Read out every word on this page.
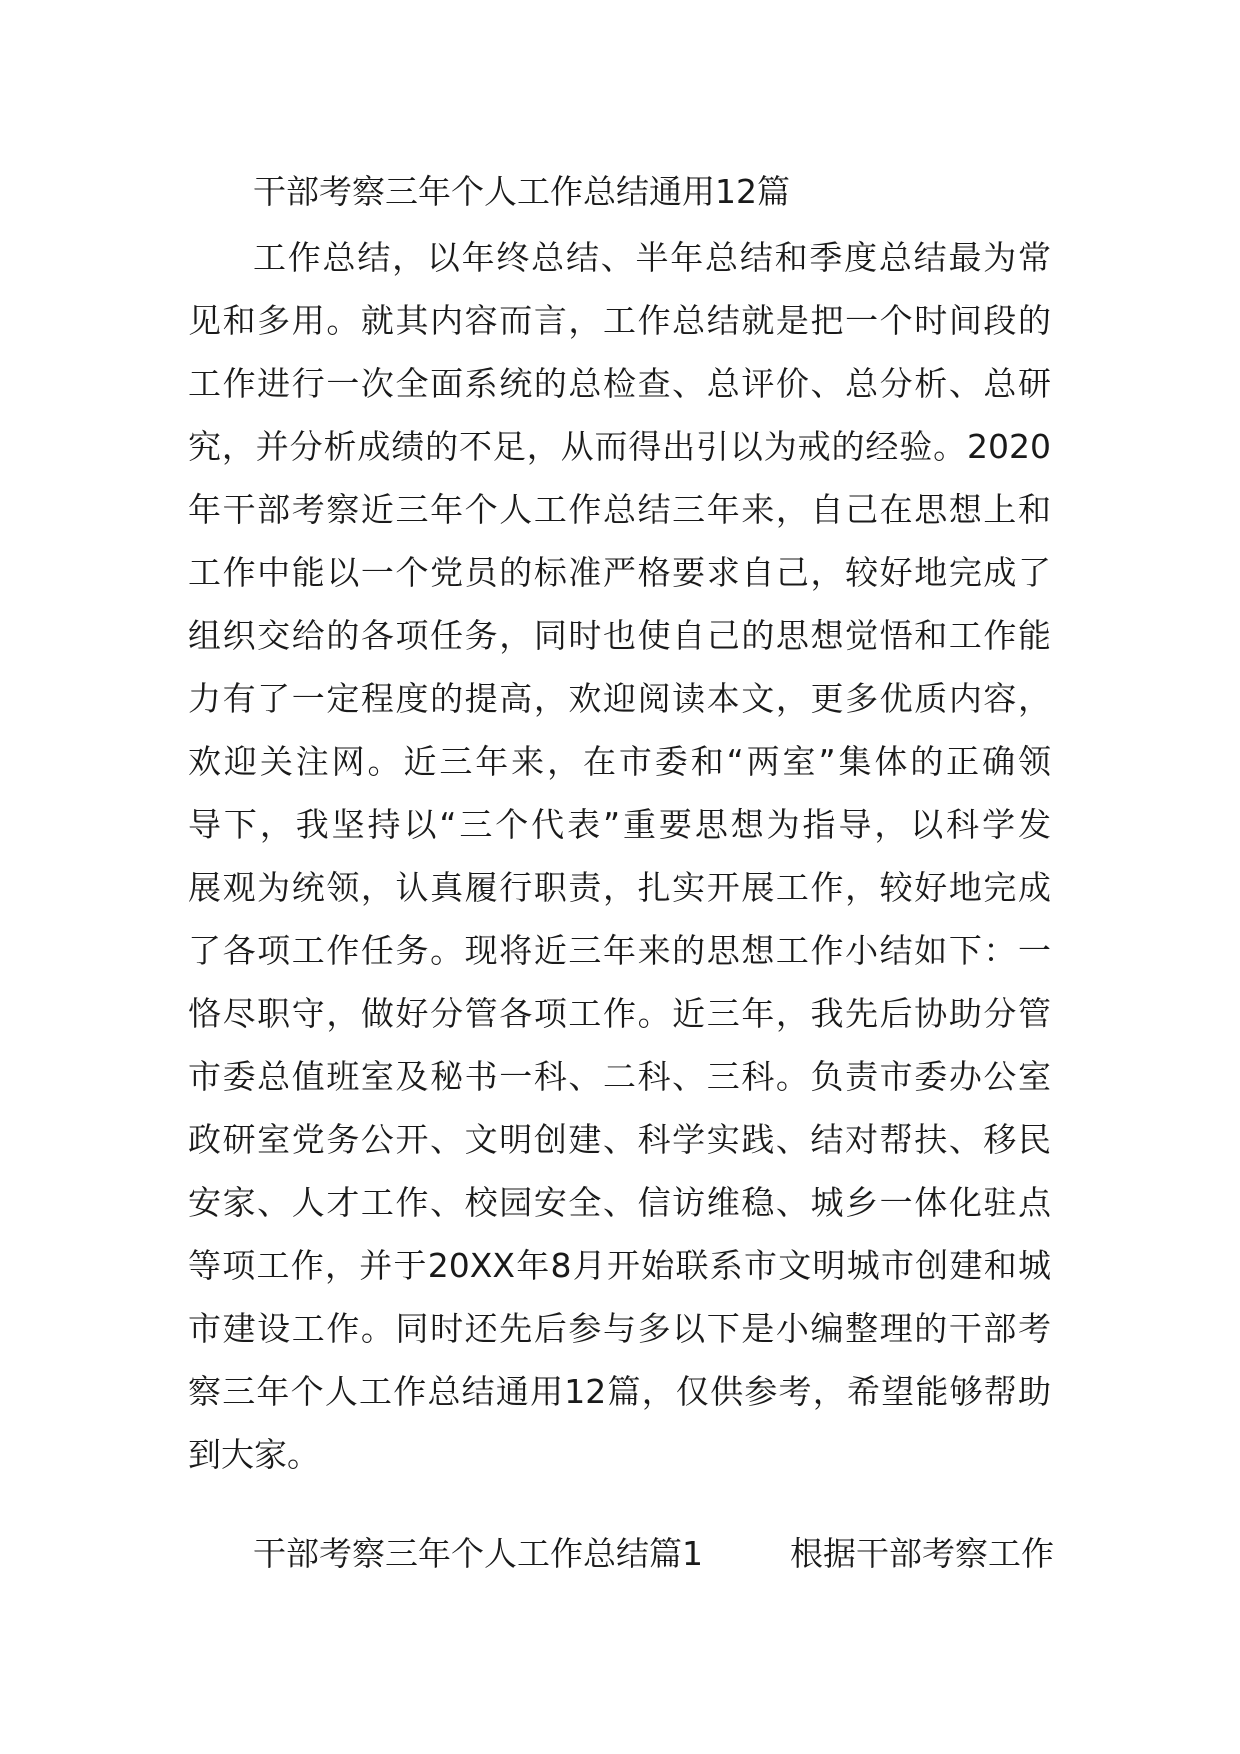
干部考察三年个人工作总结通用12篇
工作总结，以年终总结、半年总结和季度总结最为常
见和多用。就其内容而言，工作总结就是把一个时间段的
工作进行一次全面系统的总检查、总评价、总分析、总研
究，并分析成绩的不足，从而得出引以为戒的经验。2020
年干部考察近三年个人工作总结三年来，自己在思想上和
工作中能以一个党员的标准严格要求自己，较好地完成了
组织交给的各项任务，同时也使自己的思想觉悟和工作能
力有了一定程度的提高，欢迎阅读本文，更多优质内容，
欢迎关注网。近三年来，在市委和“两室”集体的正确领
导下，我坚持以“三个代表”重要思想为指导，以科学发
展观为统领，认真履行职责，扎实开展工作，较好地完成
了各项工作任务。现将近三年来的思想工作小结如下：一
恪尽职守，做好分管各项工作。近三年，我先后协助分管
市委总值班室及秘书一科、二科、三科。负责市委办公室
政研室党务公开、文明创建、科学实践、结对帮扶、移民
安家、人才工作、校园安全、信访维稳、城乡一体化驻点
等项工作，并于20XX年8月开始联系市文明城市创建和城
市建设工作。同时还先后参与多以下是小编整理的干部考
察三年个人工作总结通用12篇，仅供参考，希望能够帮助
到大家。
干部考察三年个人工作总结篇1	根据干部考察工作
